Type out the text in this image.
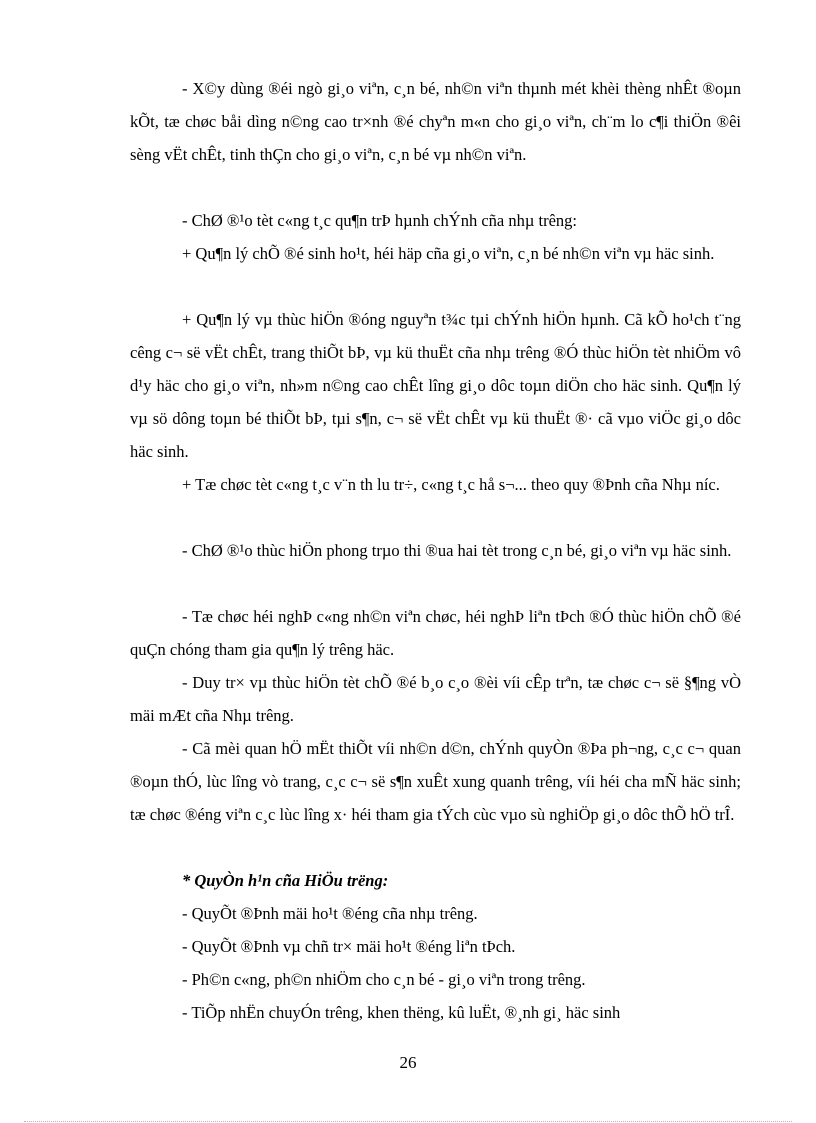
- X©y dùng ®éi ngò gi¸o viªn, c¸n bé, nh©n viªn thµnh mét khèi thèng nhÊt ®oµn kÕt, tæ chøc båi dìng n©ng cao tr×nh ®é chyªn m«n cho gi¸o viªn, ch¨m lo c¶i thiÖn ®êi sèng vËt chÊt, tinh thÇn cho gi¸o viªn, c¸n bé vµ nh©n viªn.

- ChØ ®¹o tèt c«ng t¸c qu¶n trÞ hµnh chÝnh cña nhµ trêng:

+ Qu¶n lý chÕ ®é sinh ho¹t, héi häp cña gi¸o viªn, c¸n bé nh©n viªn vµ häc sinh.

+ Qu¶n lý vµ thùc hiÖn ®óng nguyªn t¾c tµi chÝnh hiÖn hµnh. Cã kÕ ho¹ch t¨ng cêng c¬ së vËt chÊt, trang thiÕt bÞ, vµ kü thuËt cña nhµ trêng ®Ó thùc hiÖn tèt nhiÖm vô d¹y häc cho gi¸o viªn, nh»m n©ng cao chÊt lîng gi¸o dôc toµn diÖn cho häc sinh. Qu¶n lý vµ sö dông toµn bé thiÕt bÞ, tµi s¶n, c¬ së vËt chÊt vµ kü thuËt ®· cã vµo viÖc gi¸o dôc häc sinh.

+ Tæ chøc tèt c«ng t¸c v¨n th lu tr÷, c«ng t¸c hå s¬... theo quy ®Þnh cña Nhµ níc.

- ChØ ®¹o thùc hiÖn phong trµo thi ®ua hai tèt trong c¸n bé, gi¸o viªn vµ häc sinh.

- Tæ chøc héi nghÞ c«ng nh©n viªn chøc, héi nghÞ liªn tÞch ®Ó thùc hiÖn chÕ ®é quÇn chóng tham gia qu¶n lý trêng häc.

- Duy tr× vµ thùc hiÖn tèt chÕ ®é b¸o c¸o ®èi víi cÊp trªn, tæ chøc c¬ së §¶ng vÒ mäi mÆt cña Nhµ trêng.

- Cã mèi quan hÖ mËt thiÕt víi nh©n d©n, chÝnh quyÒn ®Þa ph¬ng, c¸c c¬ quan ®oµn thÓ, lùc lîng vò trang, c¸c c¬ së s¶n xuÊt xung quanh trêng, víi héi cha mÑ häc sinh; tæ chøc ®éng viªn c¸c lùc lîng x· héi tham gia tÝch cùc vµo sù nghiÖp gi¸o dôc thÕ hÖ trÎ.

* QuyÒn h¹n cña HiÖu trëng:

- QuyÕt ®Þnh mäi ho¹t ®éng cña nhµ trêng.

- QuyÕt ®Þnh vµ chñ tr× mäi ho¹t ®éng liªn tÞch.

- Ph©n c«ng, ph©n nhiÖm cho c¸n bé - gi¸o viªn trong trêng.

- TiÕp nhËn chuyÓn trêng, khen thëng, kû luËt, ®¸nh gi¸ häc sinh

26
